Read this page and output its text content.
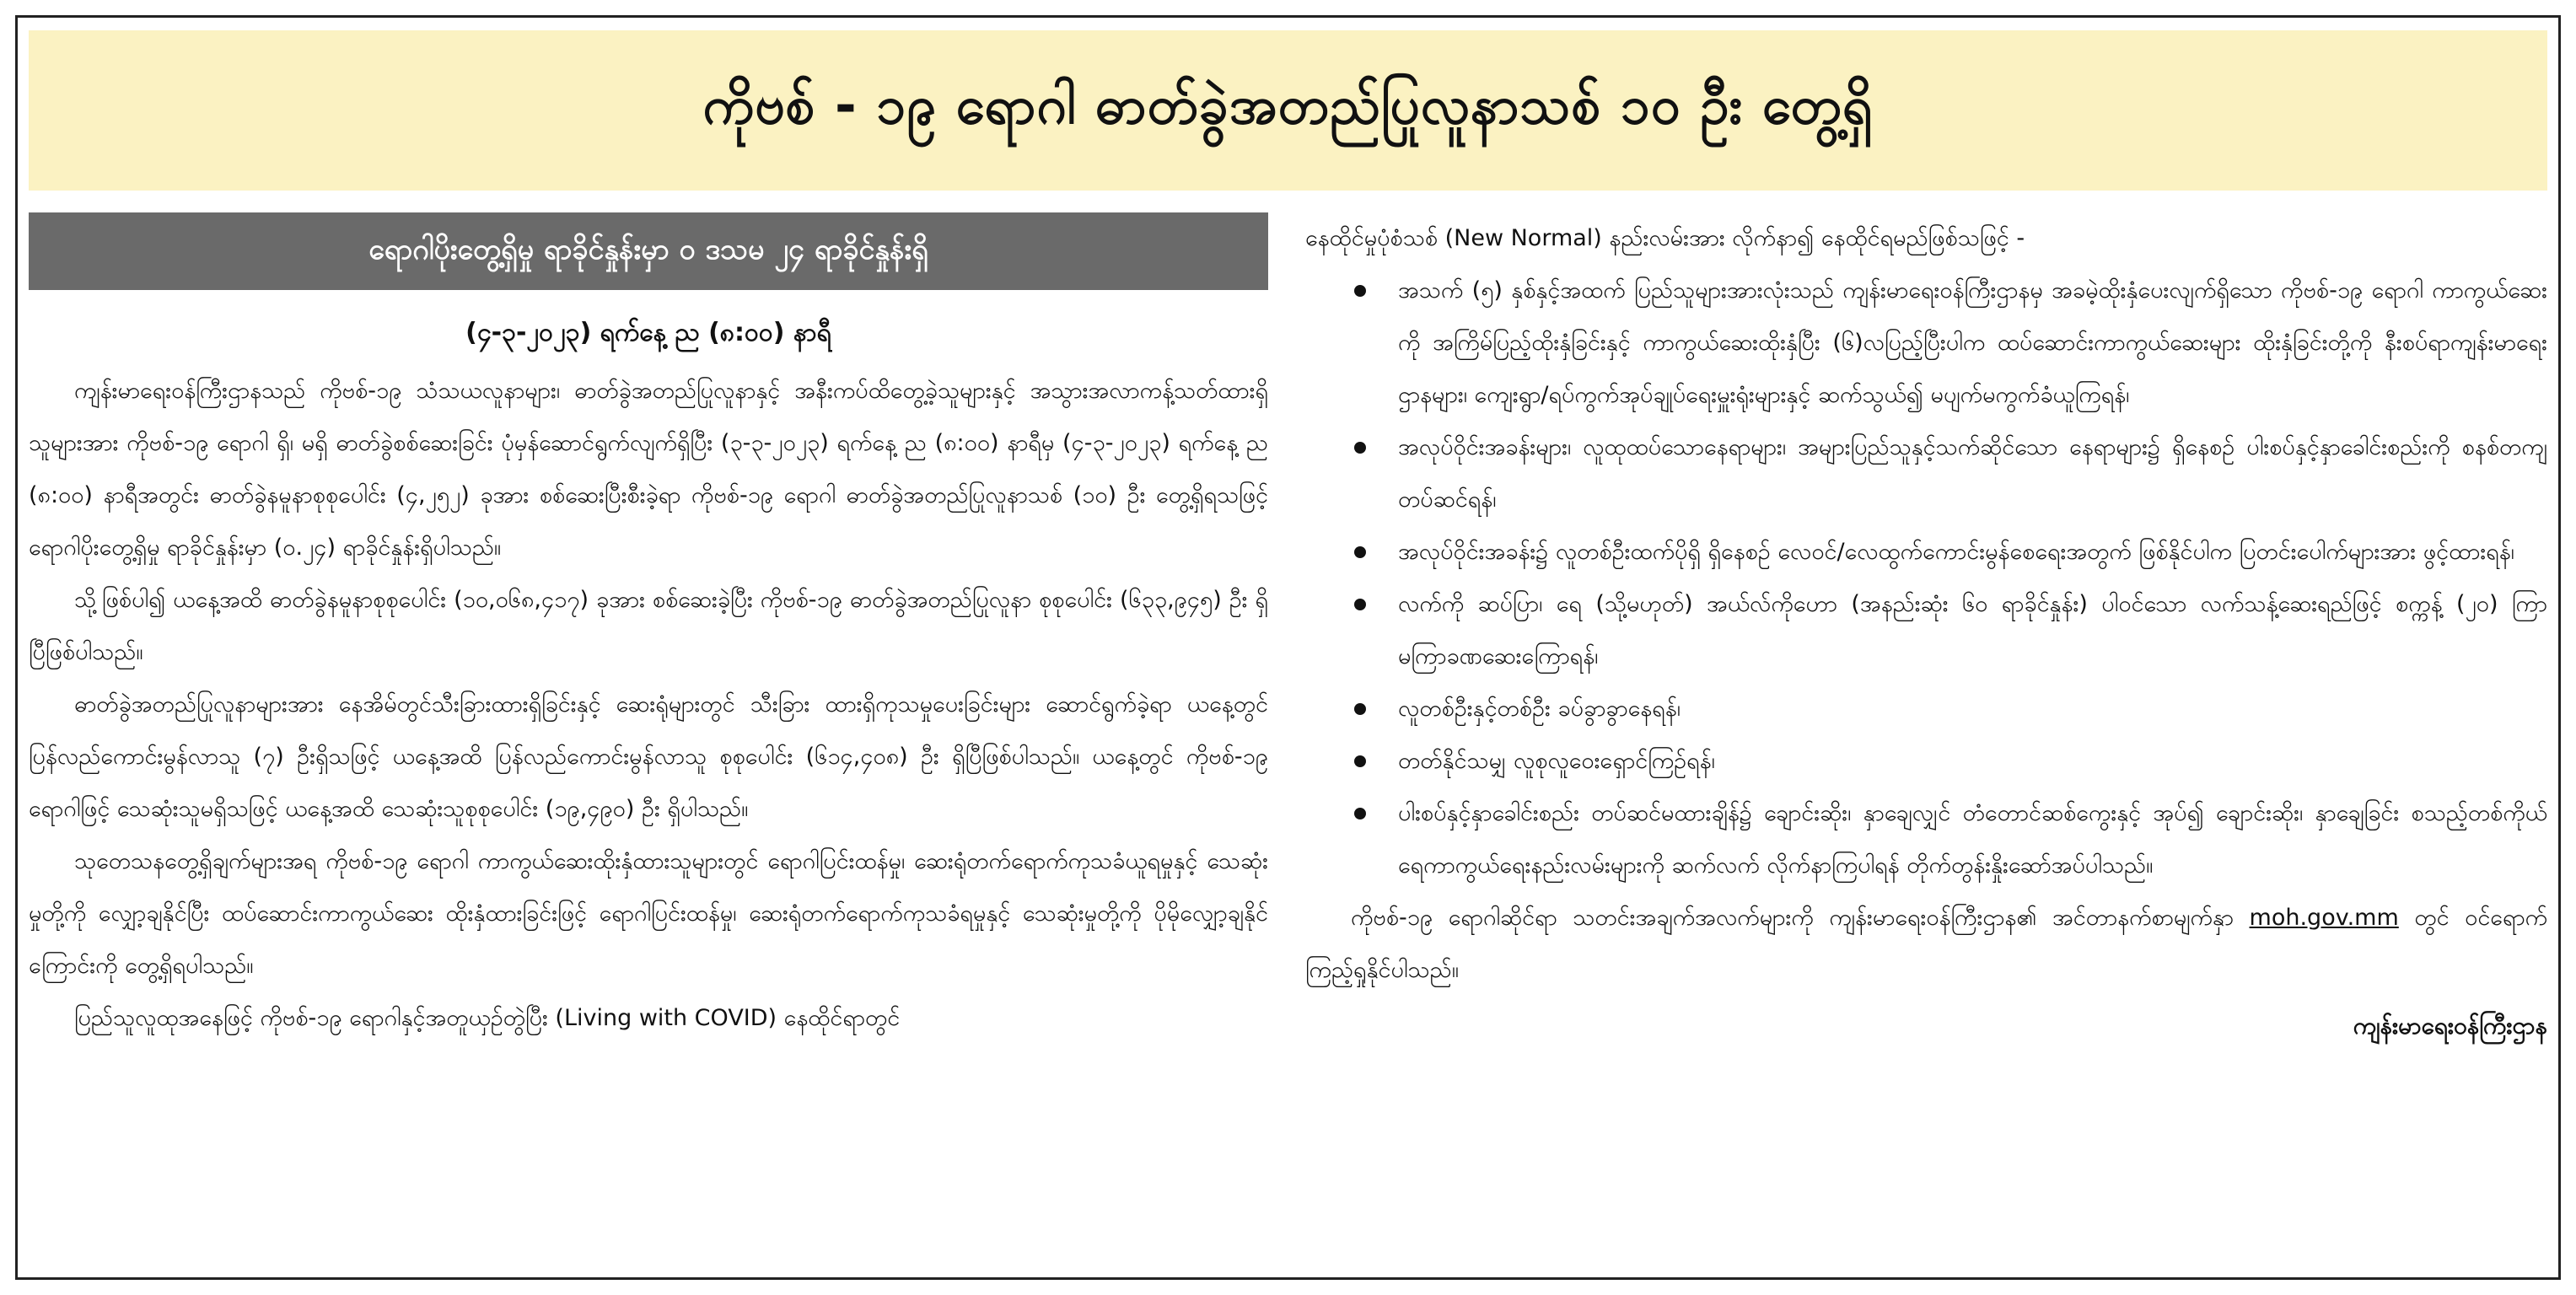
ကိုဗစ် - ၁၉ ရောဂါ ဓာတ်ခွဲအတည်ပြုလူနာသစ် ၁၀ ဦး တွေ့ရှိ
ရောဂါပိုးတွေ့ရှိမှု ရာခိုင်နှုန်းမှာ ၀ ဒသမ ၂၄ ရာခိုင်နှုန်းရှိ
(၄-၃-၂၀၂၃) ရက်နေ့ ည (၈:၀၀) နာရီ

ကျန်းမာရေးဝန်ကြီးဌာနသည် ကိုဗစ်-၁၉ သံသယလူနာများ၊ ဓာတ်ခွဲအတည်ပြုလူနာနှင့် အနီးကပ်ထိတွေ့ခဲ့သူများနှင့် အသွားအလာကန့်သတ်ထားရှိသူများအား ကိုဗစ်-၁၉ ရောဂါ ရှိ၊ မရှိ ဓာတ်ခွဲစစ်ဆေးခြင်း ပုံမှန်ဆောင်ရွက်လျက်ရှိပြီး (၃-၃-၂၀၂၃) ရက်နေ့ ည (၈:၀၀) နာရီမှ (၄-၃-၂၀၂၃) ရက်နေ့ ည (၈:၀၀) နာရီအတွင်း ဓာတ်ခွဲနမူနာစုစုပေါင်း (၄,၂၅၂) ခုအား စစ်ဆေးပြီးစီးခဲ့ရာ ကိုဗစ်-၁၉ ရောဂါ ဓာတ်ခွဲအတည်ပြုလူနာသစ် (၁၀) ဦး တွေ့ရှိရသဖြင့် ရောဂါပိုးတွေ့ရှိမှု ရာခိုင်နှုန်းမှာ (၀.၂၄) ရာခိုင်နှုန်းရှိပါသည်။

သို့ဖြစ်ပါ၍ ယနေ့အထိ ဓာတ်ခွဲနမူနာစုစုပေါင်း (၁၀,၀၆၈,၄၁၇) ခုအား စစ်ဆေးခဲ့ပြီး ကိုဗစ်-၁၉ ဓာတ်ခွဲအတည်ပြုလူနာ စုစုပေါင်း (၆၃၃,၉၄၅) ဦး ရှိပြီဖြစ်ပါသည်။

ဓာတ်ခွဲအတည်ပြုလူနာများအား နေအိမ်တွင်သီးခြားထားရှိခြင်းနှင့် ဆေးရုံများတွင် သီးခြား ထားရှိကုသမှုပေးခြင်းများ ဆောင်ရွက်ခဲ့ရာ ယနေ့တွင် ပြန်လည်ကောင်းမွန်လာသူ (၇) ဦးရှိသဖြင့် ယနေ့အထိ ပြန်လည်ကောင်းမွန်လာသူ စုစုပေါင်း (၆၁၄,၄၀၈) ဦး ရှိပြီဖြစ်ပါသည်။ ယနေ့တွင် ကိုဗစ်-၁၉ ရောဂါဖြင့် သေဆုံးသူမရှိသဖြင့် ယနေ့အထိ သေဆုံးသူစုစုပေါင်း (၁၉,၄၉၀) ဦး ရှိပါသည်။

သုတေသနတွေ့ရှိချက်များအရ ကိုဗစ်-၁၉ ရောဂါ ကာကွယ်ဆေးထိုးနှံထားသူများတွင် ရောဂါပြင်းထန်မှု၊ ဆေးရုံတက်ရောက်ကုသခံယူရမှုနှင့် သေဆုံးမှုတို့ကို လျှော့ချနိုင်ပြီး ထပ်ဆောင်းကာကွယ်ဆေး ထိုးနှံထားခြင်းဖြင့် ရောဂါပြင်းထန်မှု၊ ဆေးရုံတက်ရောက်ကုသခံရမှုနှင့် သေဆုံးမှုတို့ကို ပိုမိုလျှော့ချနိုင်ကြောင်းကို တွေ့ရှိရပါသည်။

ပြည်သူလူထုအနေဖြင့် ကိုဗစ်-၁၉ ရောဂါနှင့်အတူယှဉ်တွဲပြီး (Living with COVID) နေထိုင်ရာတွင်

နေထိုင်မှုပုံစံသစ် (New Normal) နည်းလမ်းအား လိုက်နာ၍ နေထိုင်ရမည်ဖြစ်သဖြင့် -

အသက် (၅) နှစ်နှင့်အထက် ပြည်သူများအားလုံးသည် ကျန်းမာရေးဝန်ကြီးဌာနမှ အခမဲ့ထိုးနှံပေးလျက်ရှိသော ကိုဗစ်-၁၉ ရောဂါ ကာကွယ်ဆေးကို အကြိမ်ပြည့်ထိုးနှံခြင်းနှင့် ကာကွယ်ဆေးထိုးနှံပြီး (၆)လပြည့်ပြီးပါက ထပ်ဆောင်းကာကွယ်ဆေးများ ထိုးနှံခြင်းတို့ကို နီးစပ်ရာကျန်းမာရေးဌာနများ၊ ကျေးရွာ/ရပ်ကွက်အုပ်ချုပ်ရေးမှူးရုံးများနှင့် ဆက်သွယ်၍ မပျက်မကွက်ခံယူကြရန်၊
အလုပ်ဝိုင်းအခန်းများ၊ လူထုထပ်သောနေရာများ၊ အများပြည်သူနှင့်သက်ဆိုင်သော နေရာများ၌ ရှိနေစဉ် ပါးစပ်နှင့်နှာခေါင်းစည်းကို စနစ်တကျတပ်ဆင်ရန်၊
အလုပ်ဝိုင်းအခန်း၌ လူတစ်ဦးထက်ပိုရှိ ရှိနေစဉ် လေဝင်/လေထွက်ကောင်းမွန်စေရေးအတွက် ဖြစ်နိုင်ပါက ပြတင်းပေါက်များအား ဖွင့်ထားရန်၊
လက်ကို ဆပ်ပြာ၊ ရေ (သို့မဟုတ်) အယ်လ်ကိုဟော (အနည်းဆုံး ၆၀ ရာခိုင်နှုန်း) ပါဝင်သော လက်သန့်ဆေးရည်ဖြင့် စက္ကန့် (၂၀) ကြာ မကြာခဏဆေးကြောရန်၊
လူတစ်ဦးနှင့်တစ်ဦး ခပ်ခွာခွာနေရန်၊
တတ်နိုင်သမျှ လူစုလူဝေးရှောင်ကြဉ်ရန်၊
ပါးစပ်နှင့်နှာခေါင်းစည်း တပ်ဆင်မထားချိန်၌ ချောင်းဆိုး၊ နှာချေလျှင် တံတောင်ဆစ်ကွေးနှင့် အုပ်၍ ချောင်းဆိုး၊ နှာချေခြင်း စသည့်တစ်ကိုယ်ရေကာကွယ်ရေးနည်းလမ်းများကို ဆက်လက် လိုက်နာကြပါရန် တိုက်တွန်းနှိုးဆော်အပ်ပါသည်။

ကိုဗစ်-၁၉ ရောဂါဆိုင်ရာ သတင်းအချက်အလက်များကို ကျန်းမာရေးဝန်ကြီးဌာန၏ အင်တာနက်စာမျက်နှာ moh.gov.mm တွင် ဝင်ရောက်ကြည့်ရှုနိုင်ပါသည်။

ကျန်းမာရေးဝန်ကြီးဌာန
